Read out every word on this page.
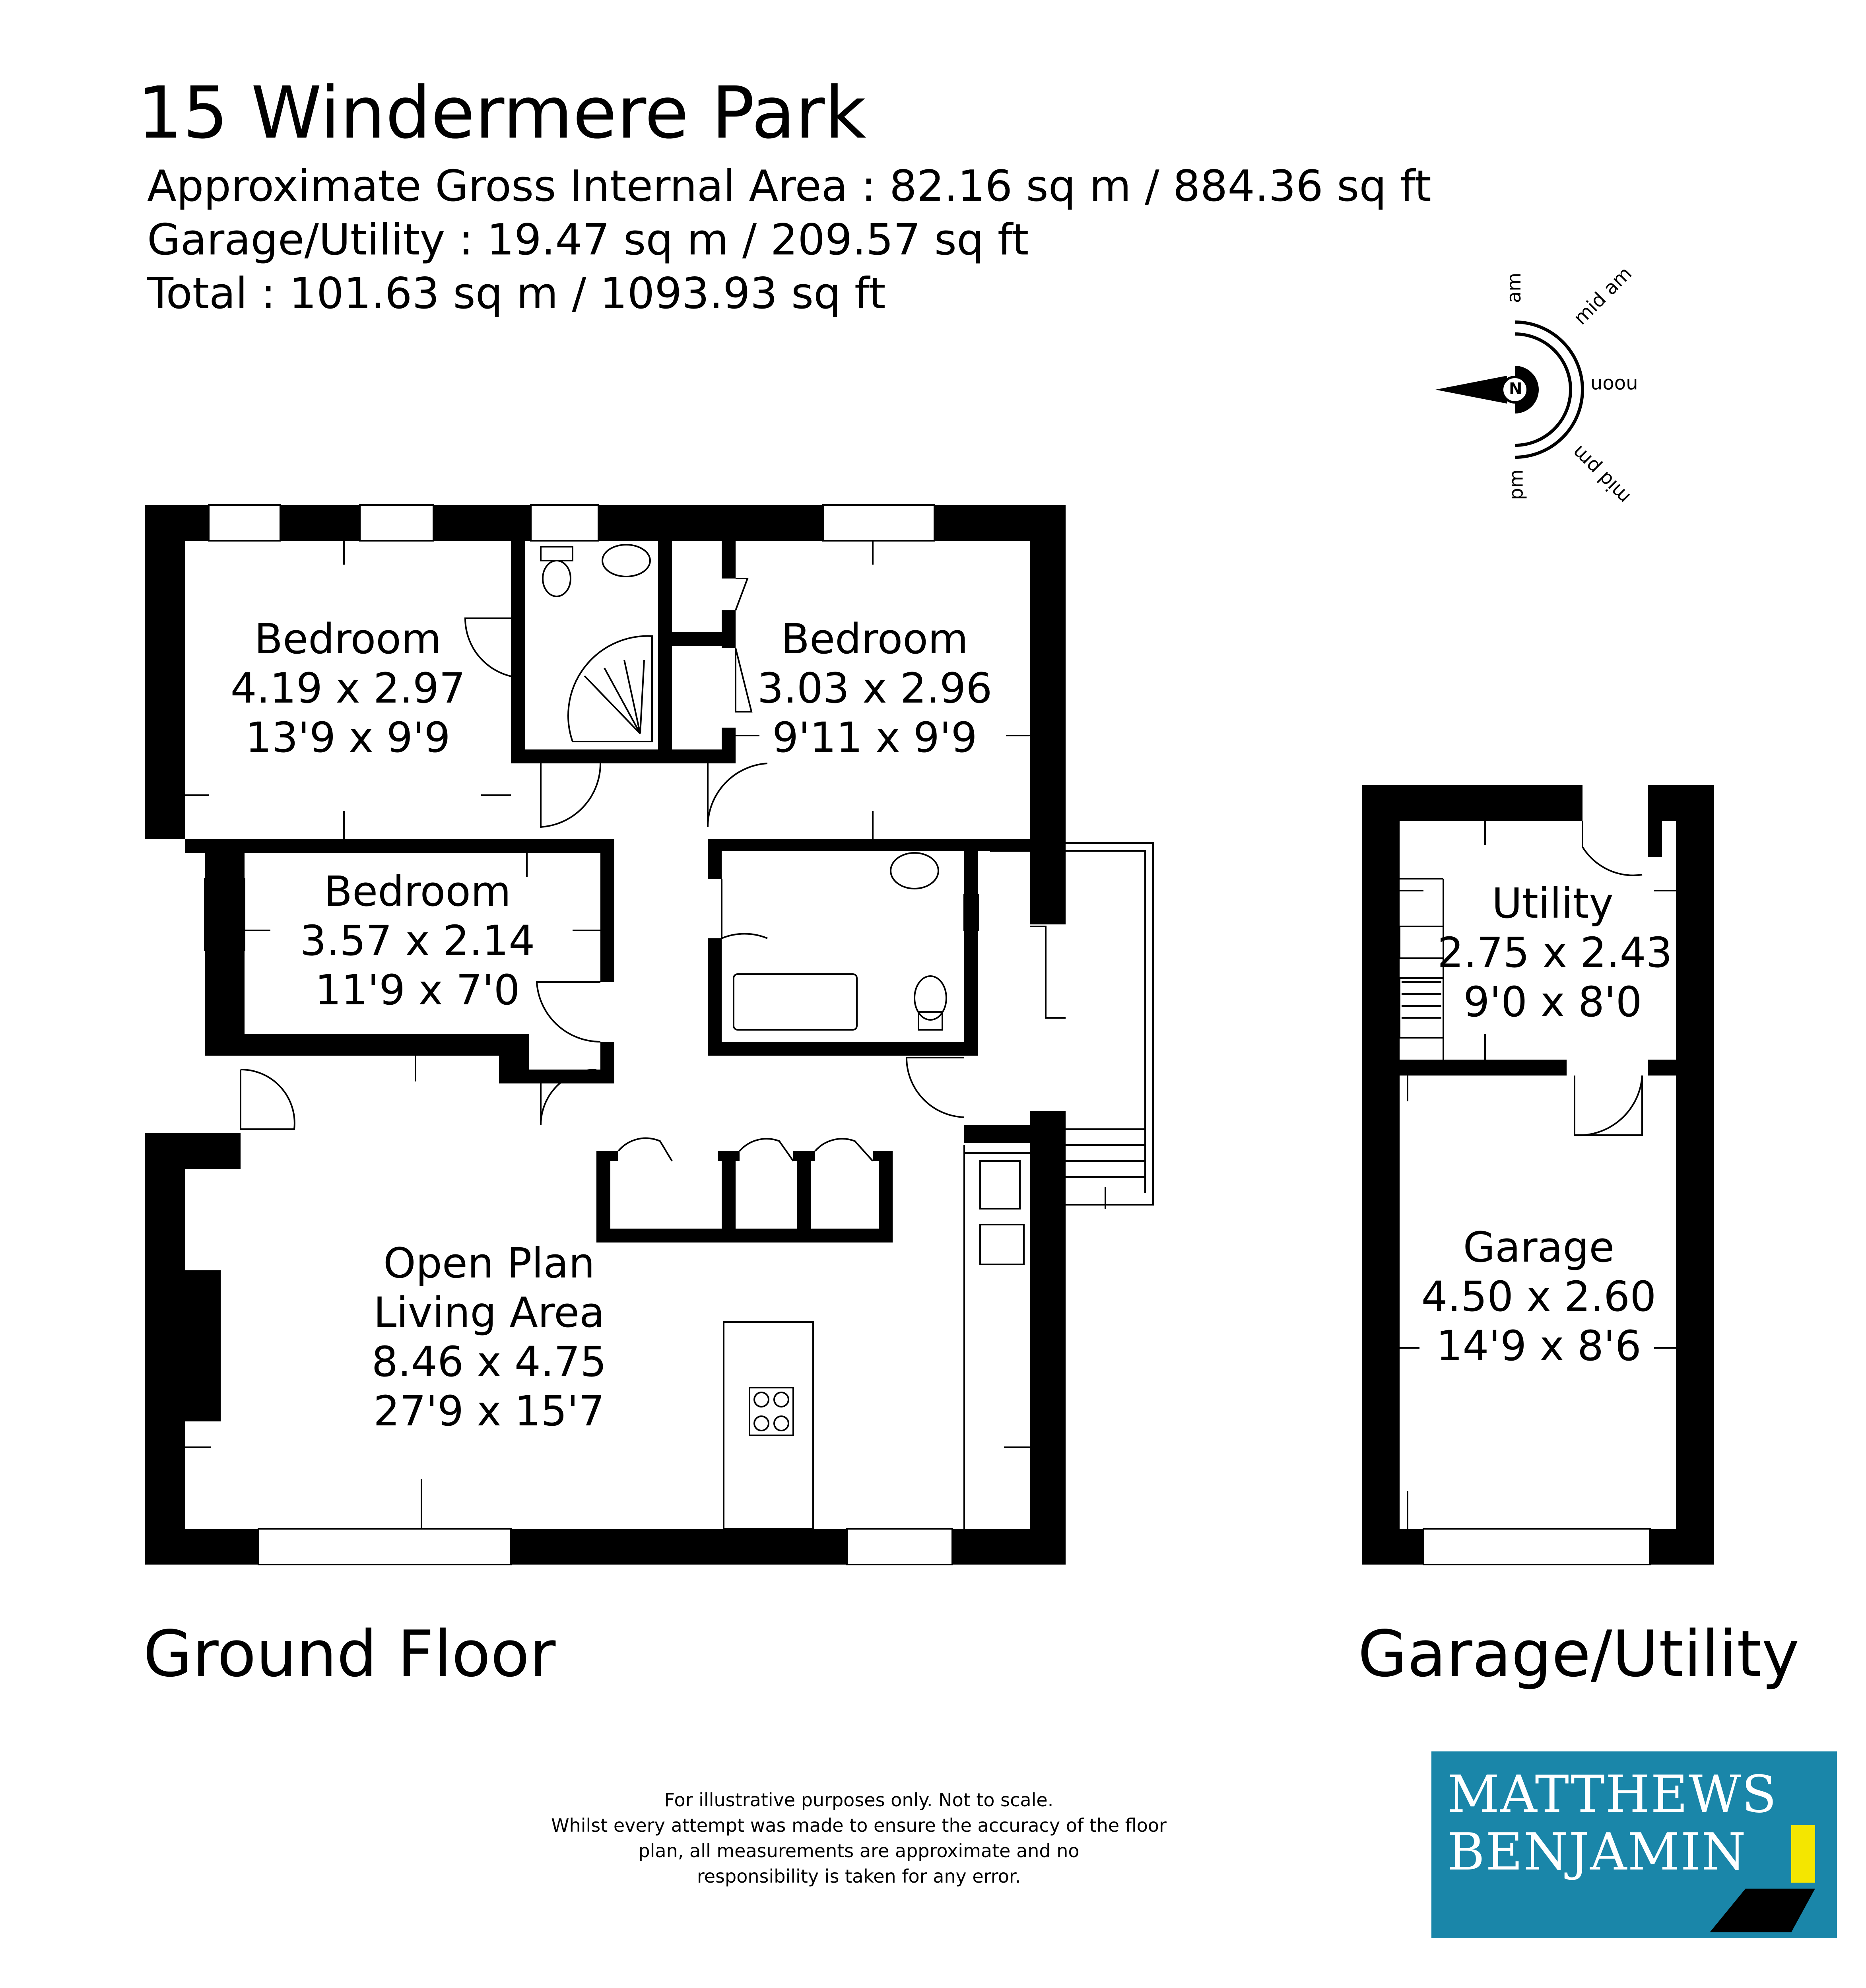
15 Windermere Park
Approximate Gross Internal Area : 82.16 sq m / 884.36 sq ft
Garage/Utility : 19.47 sq m / 209.57 sq ft
Total : 101.63 sq m / 1093.93 sq ft	am mid am
noon
mid pm
pm
N
Bedroom
4.19 x 2.97
13'9 x 9'9
Bedroom
3.03 x 2.96
9'11 x 9'9
Bedroom
3.57 x 2.14
11'9 x 7'0
Open Plan
Living Area
8.46 x 4.75
27'9 x 15'7
Utility
2.75 x 2.43
9'0 x 8'0
Garage
4.50 x 2.60
14'9 x 8'6
Ground Floor	Garage/Utility
For illustrative purposes only. Not to scale.
Whilst every attempt was made to ensure the accuracy of the floor
plan, all measurements are approximate and no
responsibility is taken for any error.
MATTHEWS
BENJAMIN
